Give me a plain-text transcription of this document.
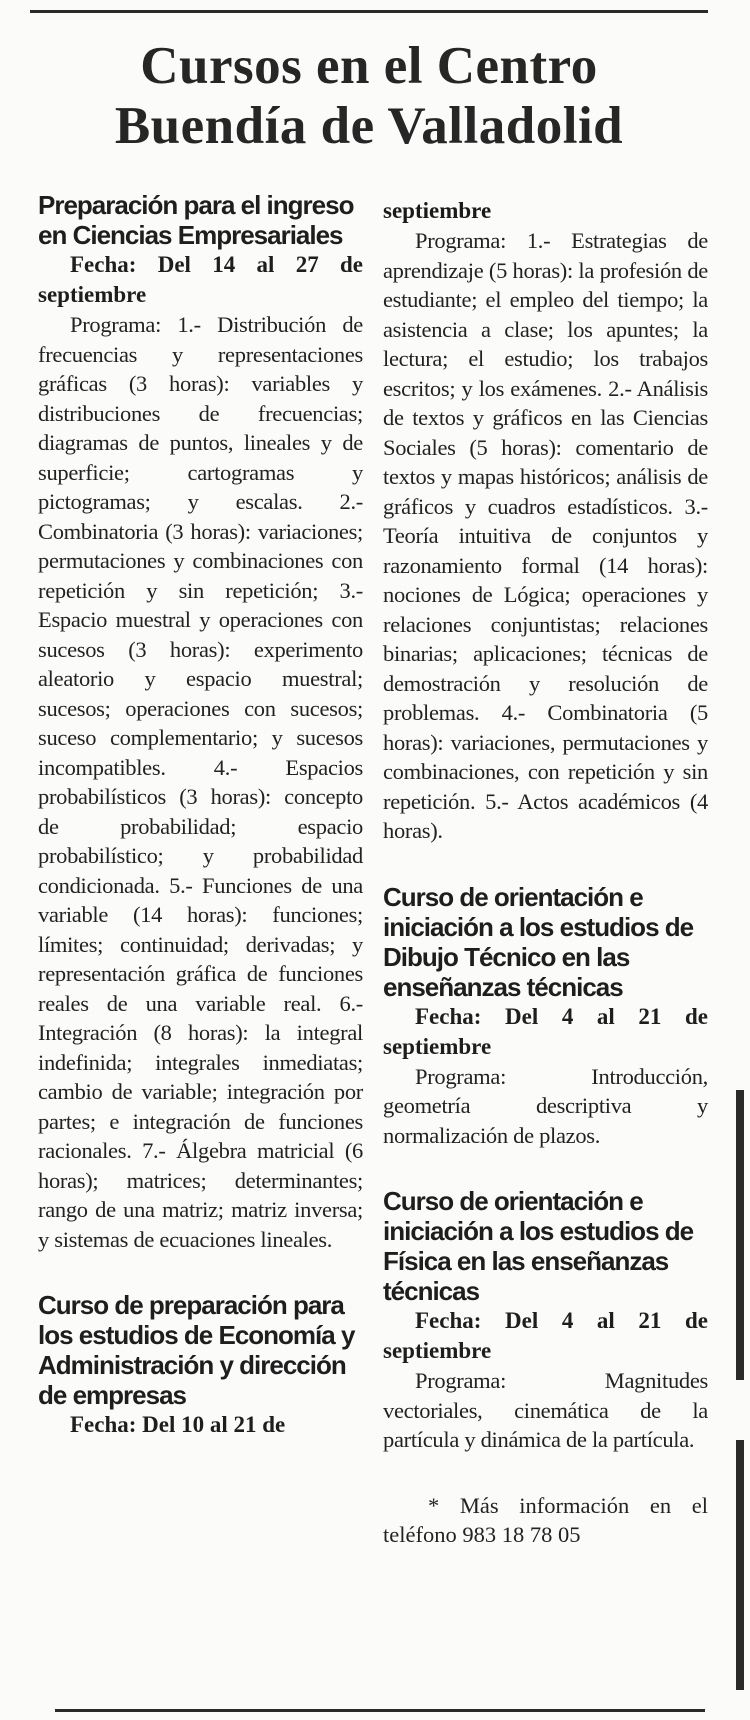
Cursos en el Centro
Buendía de Valladolid
Preparación para el ingreso en Ciencias Empresariales

Fecha: Del 14 al 27 de septiembre

Programa: 1.- Distribución de frecuencias y representaciones gráficas (3 horas): variables y distribuciones de frecuencias; diagramas de puntos, lineales y de superficie; cartogramas y pictogramas; y escalas. 2.- Combinatoria (3 horas): variaciones; permutaciones y combinaciones con repetición y sin repetición; 3.- Espacio muestral y operaciones con sucesos (3 horas): experimento aleatorio y espacio muestral; sucesos; operaciones con sucesos; suceso complementario; y sucesos incompatibles. 4.- Espacios probabilísticos (3 horas): concepto de probabilidad; espacio probabilístico; y probabilidad condicionada. 5.- Funciones de una variable (14 horas): funciones; límites; continuidad; derivadas; y representación gráfica de funciones reales de una variable real. 6.- Integración (8 horas): la integral indefinida; integrales inmediatas; cambio de variable; integración por partes; e integración de funciones racionales. 7.- Álgebra matricial (6 horas); matrices; determinantes; rango de una matriz; matriz inversa; y sistemas de ecuaciones lineales.

Curso de preparación para los estudios de Economía y Administración y dirección de empresas

Fecha: Del 10 al 21 de

septiembre

Programa: 1.- Estrategias de aprendizaje (5 horas): la profesión de estudiante; el empleo del tiempo; la asistencia a clase; los apuntes; la lectura; el estudio; los trabajos escritos; y los exámenes. 2.- Análisis de textos y gráficos en las Ciencias Sociales (5 horas): comentario de textos y mapas históricos; análisis de gráficos y cuadros estadísticos. 3.- Teoría intuitiva de conjuntos y razonamiento formal (14 horas): nociones de Lógica; operaciones y relaciones conjuntistas; relaciones binarias; aplicaciones; técnicas de demostración y resolución de problemas. 4.- Combinatoria (5 horas): variaciones, permutaciones y combinaciones, con repetición y sin repetición. 5.- Actos académicos (4 horas).

Curso de orientación e iniciación a los estudios de Dibujo Técnico en las enseñanzas técnicas

Fecha: Del 4 al 21 de septiembre

Programa: Introducción, geometría descriptiva y normalización de plazos.

Curso de orientación e iniciación a los estudios de Física en las enseñanzas técnicas

Fecha: Del 4 al 21 de septiembre

Programa: Magnitudes vectoriales, cinemática de la partícula y dinámica de la partícula.

* Más información en el teléfono 983 18 78 05
